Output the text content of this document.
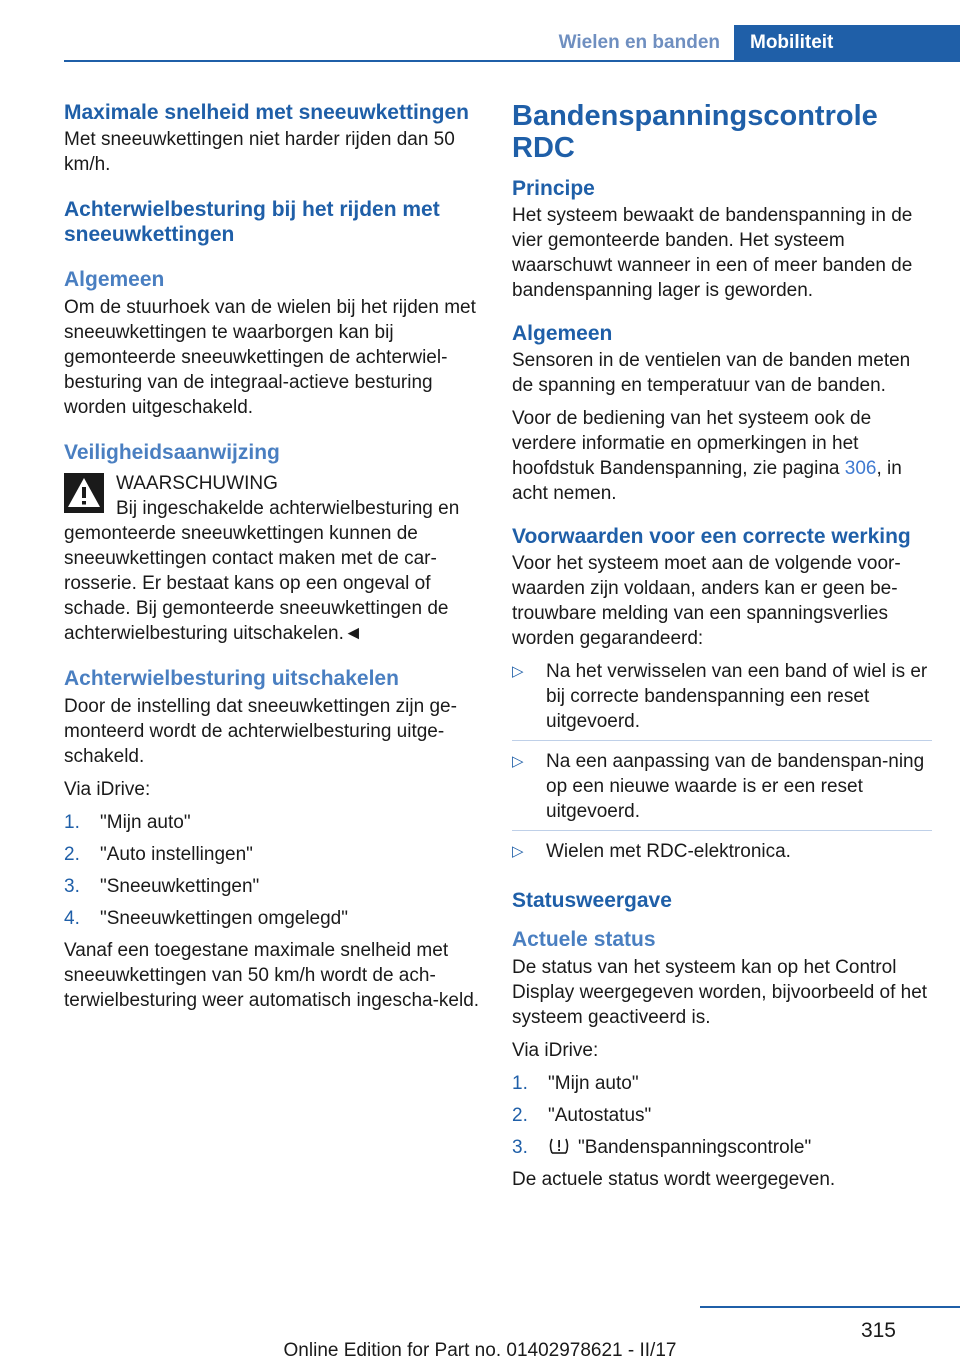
Wielen en banden	Mobiliteit
Maximale snelheid met sneeuwkettingen

Met sneeuwkettingen niet harder rijden dan 50 km/h.

Achterwielbesturing bij het rijden met sneeuwkettingen
Algemeen

Om de stuurhoek van de wielen bij het rijden met sneeuwkettingen te waarborgen kan bij gemonteerde sneeuwkettingen de achterwiel-besturing van de integraal-actieve besturing worden uitgeschakeld.

Veiligheidsaanwijzing
WAARSCHUWING
Bij ingeschakelde achterwielbesturing en gemonteerde sneeuwkettingen kunnen de sneeuwkettingen contact maken met de car-rosserie. Er bestaat kans op een ongeval of schade. Bij gemonteerde sneeuwkettingen de achterwielbesturing uitschakelen.◄
Achterwielbesturing uitschakelen

Door de instelling dat sneeuwkettingen zijn ge-monteerd wordt de achterwielbesturing uitge-schakeld.

Via iDrive:

1. "Mijn auto"
2. "Auto instellingen"
3. "Sneeuwkettingen"
4. "Sneeuwkettingen omgelegd"

Vanaf een toegestane maximale snelheid met sneeuwkettingen van 50 km/h wordt de ach-terwielbesturing weer automatisch ingescha-keld.

Bandenspanningscontrole RDC
Principe

Het systeem bewaakt de bandenspanning in de vier gemonteerde banden. Het systeem waarschuwt wanneer in een of meer banden de bandenspanning lager is geworden.

Algemeen

Sensoren in de ventielen van de banden meten de spanning en temperatuur van de banden.

Voor de bediening van het systeem ook de verdere informatie en opmerkingen in het hoofdstuk Bandenspanning, zie pagina 306, in acht nemen.

Voorwaarden voor een correcte werking

Voor het systeem moet aan de volgende voor-waarden zijn voldaan, anders kan er geen be-trouwbare melding van een spanningsverlies worden gegarandeerd:

▷ Na het verwisselen van een band of wiel is er bij correcte bandenspanning een reset uitgevoerd.
▷ Na een aanpassing van de bandenspan-ning op een nieuwe waarde is er een reset uitgevoerd.
▷ Wielen met RDC-elektronica.
Statusweergave
Actuele status

De status van het systeem kan op het Control Display weergegeven worden, bijvoorbeeld of het systeem geactiveerd is.

Via iDrive:

1. "Mijn auto"
2. "Autostatus"
3.	"Bandenspanningscontrole"

De actuele status wordt weergegeven.

315
Online Edition for Part no. 01402978621 - II/17
